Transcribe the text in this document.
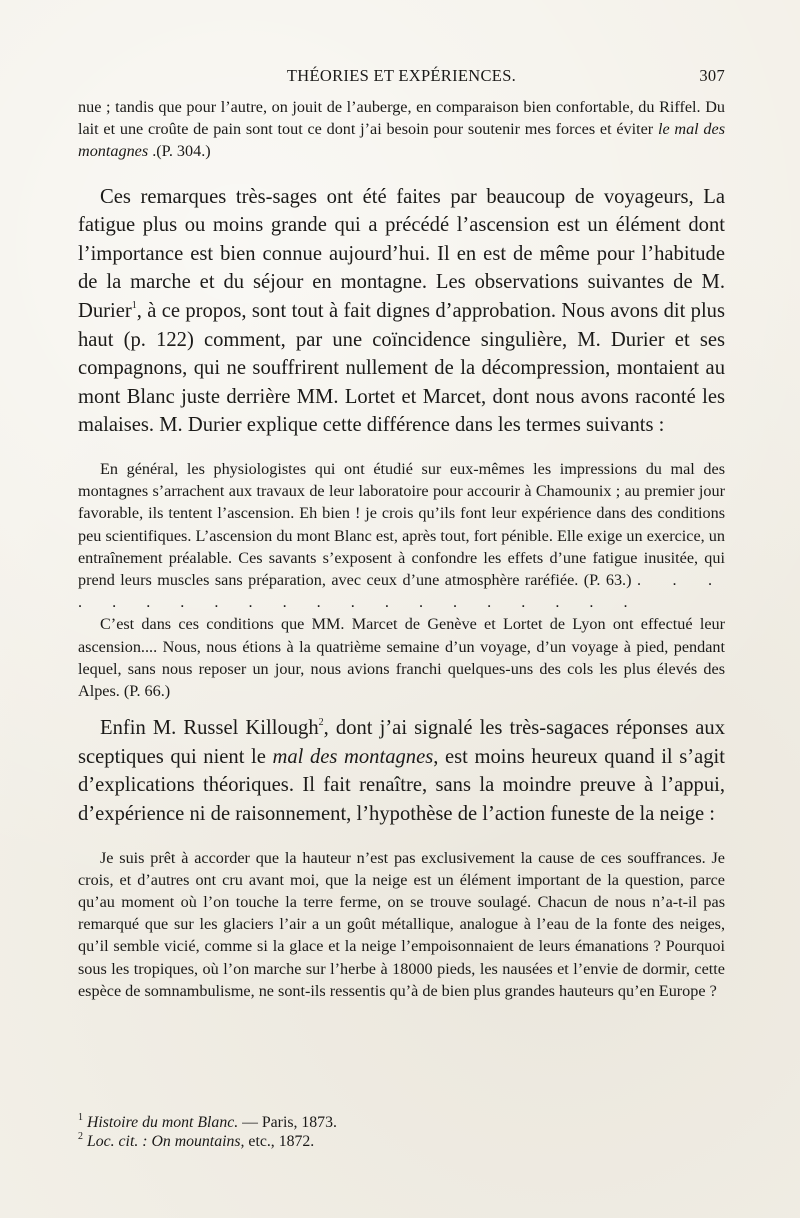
THÉORIES ET EXPÉRIENCES.	307

nue ; tandis que pour l’autre, on jouit de l’auberge, en comparaison bien confortable, du Riffel. Du lait et une croûte de pain sont tout ce dont j’ai besoin pour soutenir mes forces et éviter le mal des montagnes .(P. 304.)

Ces remarques très-sages ont été faites par beaucoup de voyageurs, La fatigue plus ou moins grande qui a précédé l’ascension est un élément dont l’importance est bien connue aujourd’hui. Il en est de même pour l’habitude de la marche et du séjour en montagne. Les observations suivantes de M. Durier$^1$, à ce propos, sont tout à fait dignes d’approbation. Nous avons dit plus haut (p. 122) comment, par une coïncidence singulière, M. Durier et ses compagnons, qui ne souffrirent nullement de la décompression, montaient au mont Blanc juste derrière MM. Lortet et Marcet, dont nous avons raconté les malaises. M. Durier explique cette différence dans les termes suivants :

En général, les physiologistes qui ont étudié sur eux-mêmes les impressions du mal des montagnes s’arrachent aux travaux de leur laboratoire pour accourir à Chamounix ; au premier jour favorable, ils tentent l’ascension. Eh bien ! je crois qu’ils font leur expérience dans des conditions peu scientifiques. L’ascension du mont Blanc est, après tout, fort pénible. Elle exige un exercice, un entraînement préalable. Ces savants s’exposent à confondre les effets d’une fatigue inusitée, qui prend leurs muscles sans préparation, avec ceux d’une atmosphère raréfiée. (P. 63.) . . . . . . . . . . . . . . . . . . . .

C’est dans ces conditions que MM. Marcet de Genève et Lortet de Lyon ont effectué leur ascension.... Nous, nous étions à la quatrième semaine d’un voyage, d’un voyage à pied, pendant lequel, sans nous reposer un jour, nous avions franchi quelques-uns des cols les plus élevés des Alpes. (P. 66.)

Enfin M. Russel Killough$^2$, dont j’ai signalé les très-sagaces réponses aux sceptiques qui nient le mal des montagnes, est moins heureux quand il s’agit d’explications théoriques. Il fait renaître, sans la moindre preuve à l’appui, d’expérience ni de raisonnement, l’hypothèse de l’action funeste de la neige :

Je suis prêt à accorder que la hauteur n’est pas exclusivement la cause de ces souffrances. Je crois, et d’autres ont cru avant moi, que la neige est un élément important de la question, parce qu’au moment où l’on touche la terre ferme, on se trouve soulagé. Chacun de nous n’a-t-il pas remarqué que sur les glaciers l’air a un goût métallique, analogue à l’eau de la fonte des neiges, qu’il semble vicié, comme si la glace et la neige l’empoisonnaient de leurs émanations ? Pourquoi sous les tropiques, où l’on marche sur l’herbe à 18000 pieds, les nausées et l’envie de dormir, cette espèce de somnambulisme, ne sont-ils ressentis qu’à de bien plus grandes hauteurs qu’en Europe ?

$^1$ Histoire du mont Blanc. — Paris, 1873.
$^2$ Loc. cit. : On mountains, etc., 1872.
